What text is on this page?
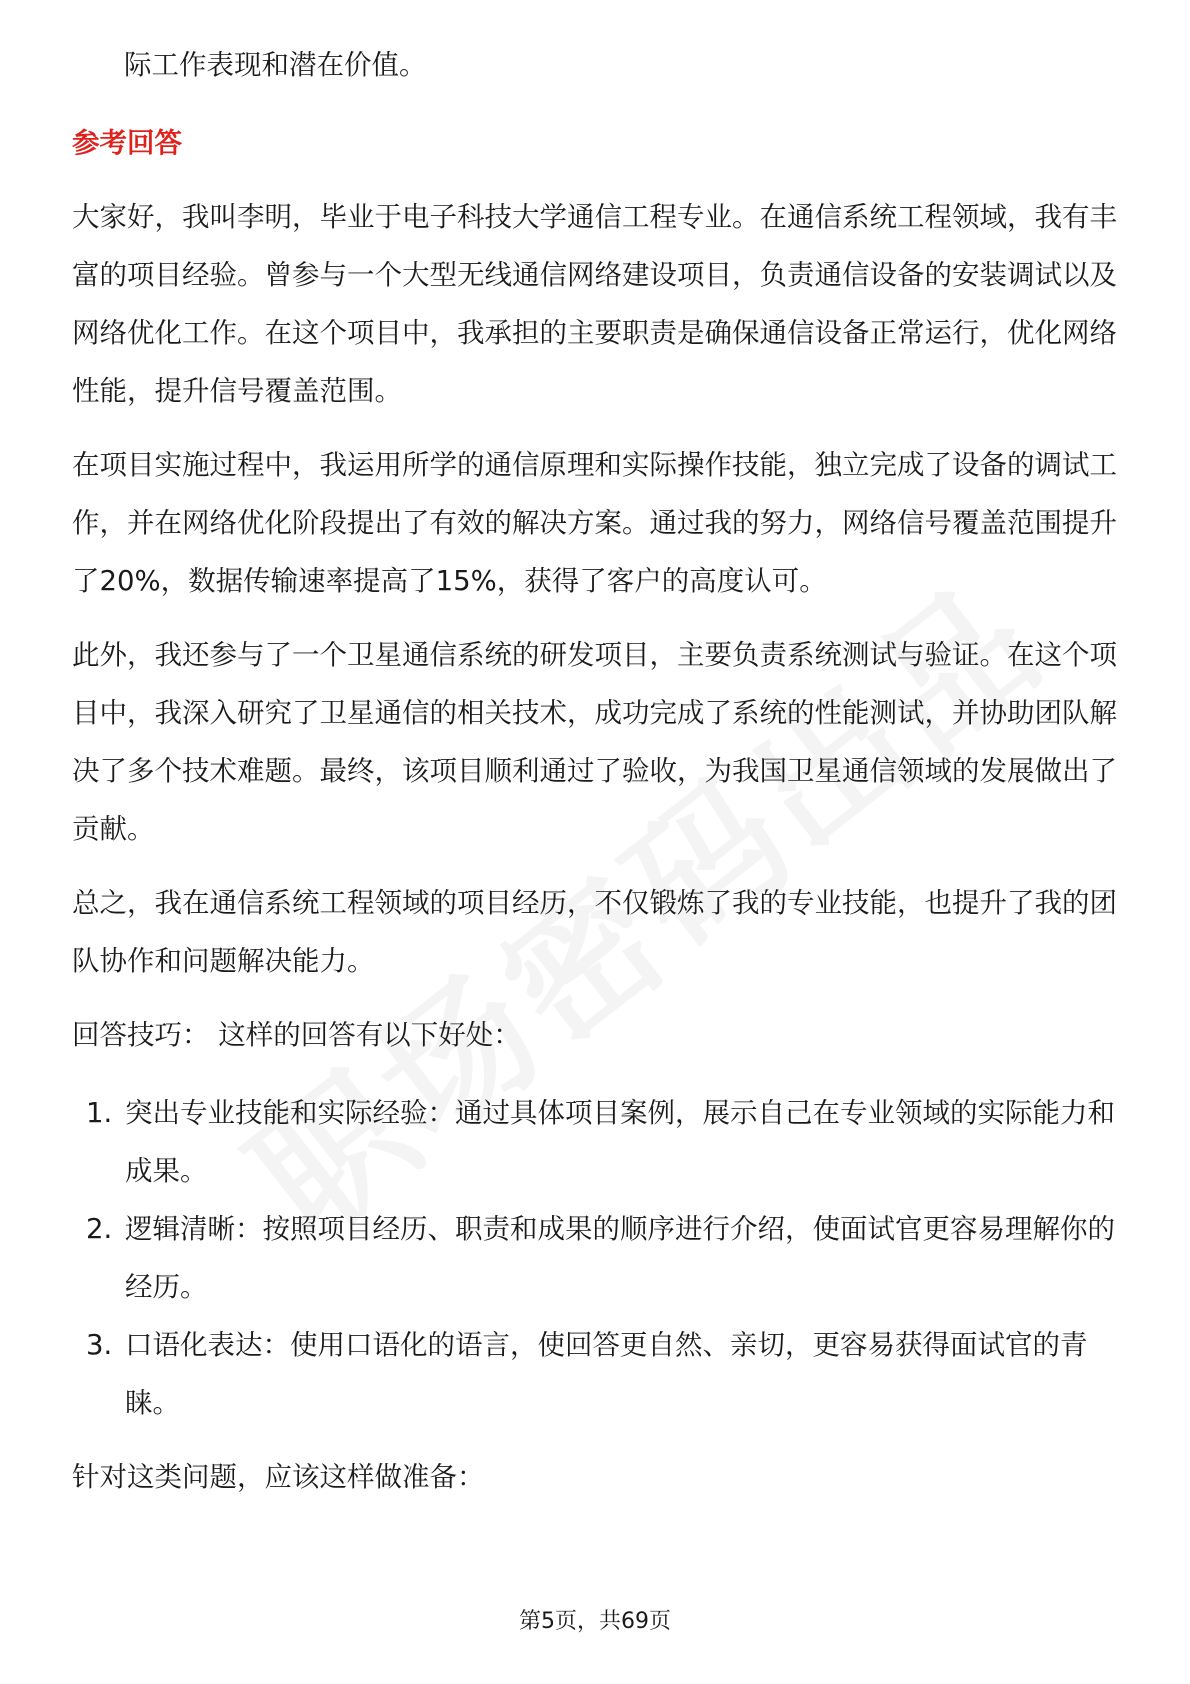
际工作表现和潜在价值。

参考回答

大家好，我叫李明，毕业于电子科技大学通信工程专业。在通信系统工程领域，我有丰富的项目经验。曾参与一个大型无线通信网络建设项目，负责通信设备的安装调试以及网络优化工作。在这个项目中，我承担的主要职责是确保通信设备正常运行，优化网络性能，提升信号覆盖范围。

在项目实施过程中，我运用所学的通信原理和实际操作技能，独立完成了设备的调试工作，并在网络优化阶段提出了有效的解决方案。通过我的努力，网络信号覆盖范围提升了20%，数据传输速率提高了15%，获得了客户的高度认可。

此外，我还参与了一个卫星通信系统的研发项目，主要负责系统测试与验证。在这个项目中，我深入研究了卫星通信的相关技术，成功完成了系统的性能测试，并协助团队解决了多个技术难题。最终，该项目顺利通过了验收，为我国卫星通信领域的发展做出了贡献。

总之，我在通信系统工程领域的项目经历，不仅锻炼了我的专业技能，也提升了我的团队协作和问题解决能力。

回答技巧： 这样的回答有以下好处：

1. 突出专业技能和实际经验：通过具体项目案例，展示自己在专业领域的实际能力和成果。
2. 逻辑清晰：按照项目经历、职责和成果的顺序进行介绍，使面试官更容易理解你的经历。
3. 口语化表达：使用口语化的语言，使回答更自然、亲切，更容易获得面试官的青睐。

针对这类问题，应该这样做准备：

第5页，共69页
